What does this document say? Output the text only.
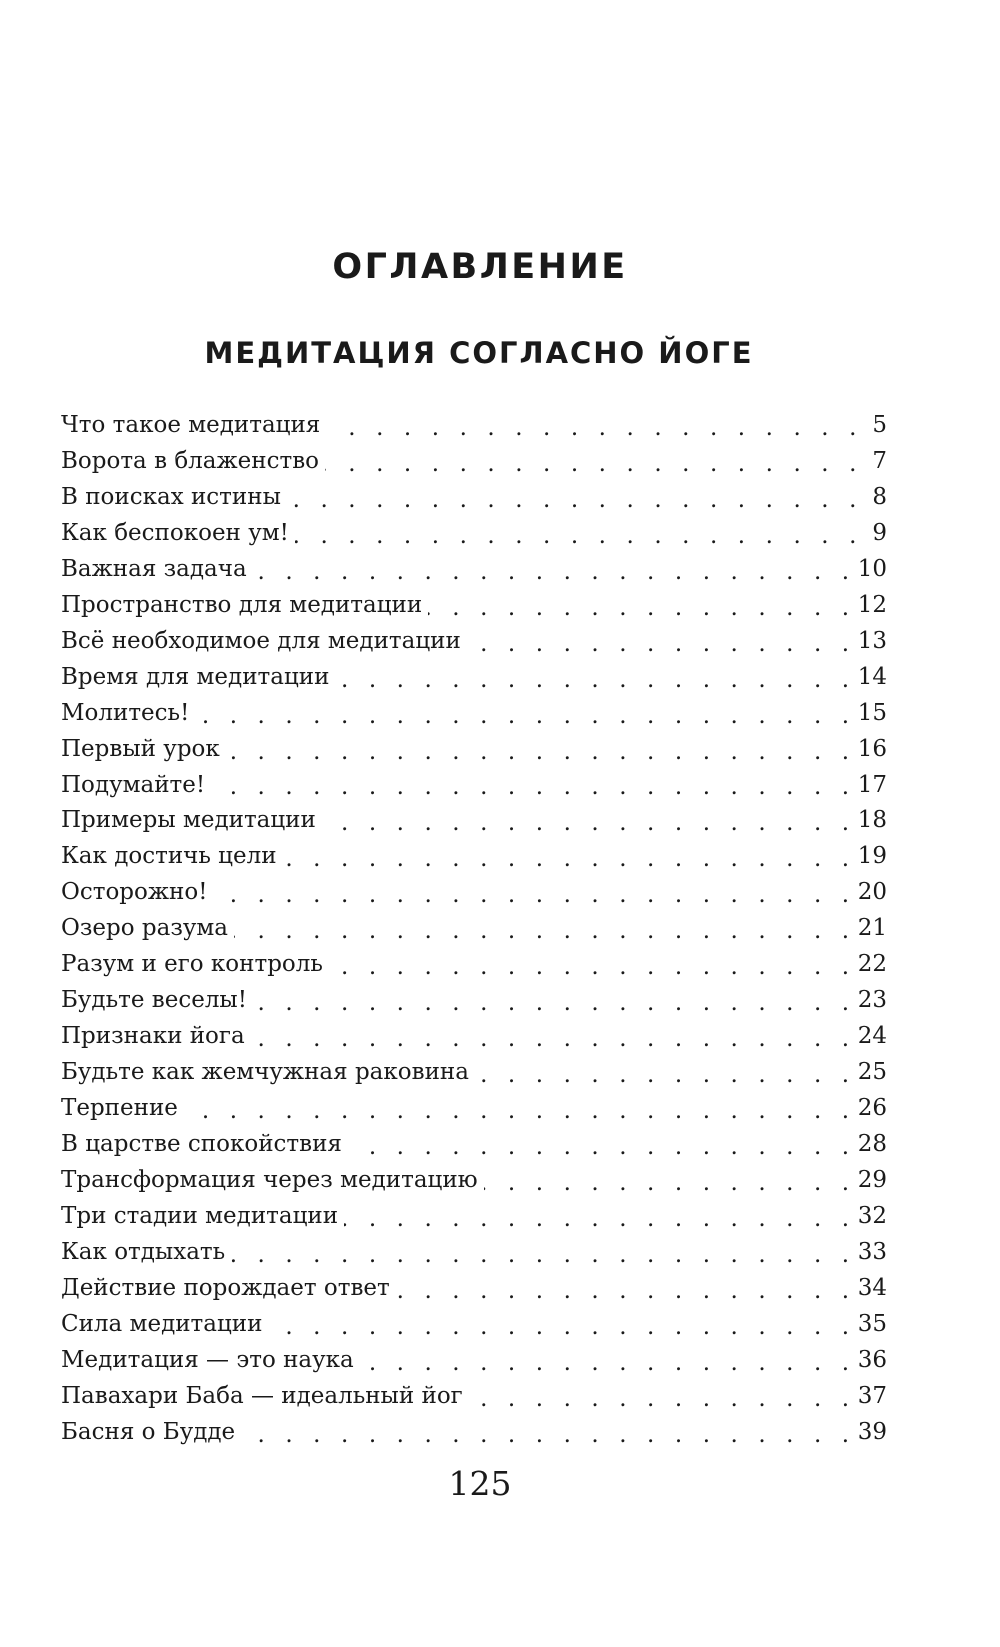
ОГЛАВЛЕНИЕ
МЕДИТАЦИЯ СОГЛАСНО ЙОГЕ
Что такое медитация . . .	5
Ворота в блаженство . . .	7
В поисках истины . . .	8
Как беспокоен ум! . . .	9
Важная задача . . .	10
Пространство для медитации . . .	12
Всё необходимое для медитации . . .	13
Время для медитации . . .	14
Молитесь! . . .	15
Первый урок . . .	16
Подумайте! . . .	17
Примеры медитации . . .	18
Как достичь цели . . .	19
Осторожно! . . .	20
Озеро разума . . .	21
Разум и его контроль . . .	22
Будьте веселы! . . .	23
Признаки йога . . .	24
Будьте как жемчужная раковина . . .	25
Терпение . . .	26
В царстве спокойствия . . .	28
Трансформация через медитацию . . .	29
Три стадии медитации . . .	32
Как отдыхать . . .	33
Действие порождает ответ . . .	34
Сила медитации . . .	35
Медитация — это наука . . .	36
Павахари Баба — идеальный йог . . .	37
Басня о Будде . . .	39
125
